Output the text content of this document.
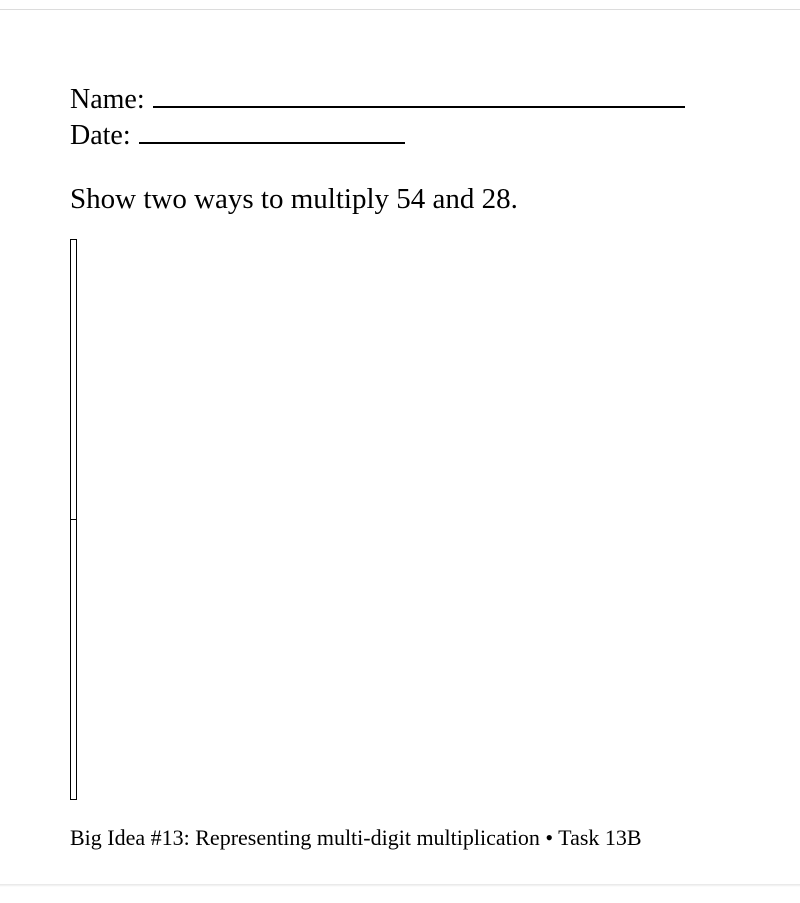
Name:
Date:
Show two ways to multiply 54 and 28.
Big Idea #13: Representing multi-digit multiplication • Task 13B
